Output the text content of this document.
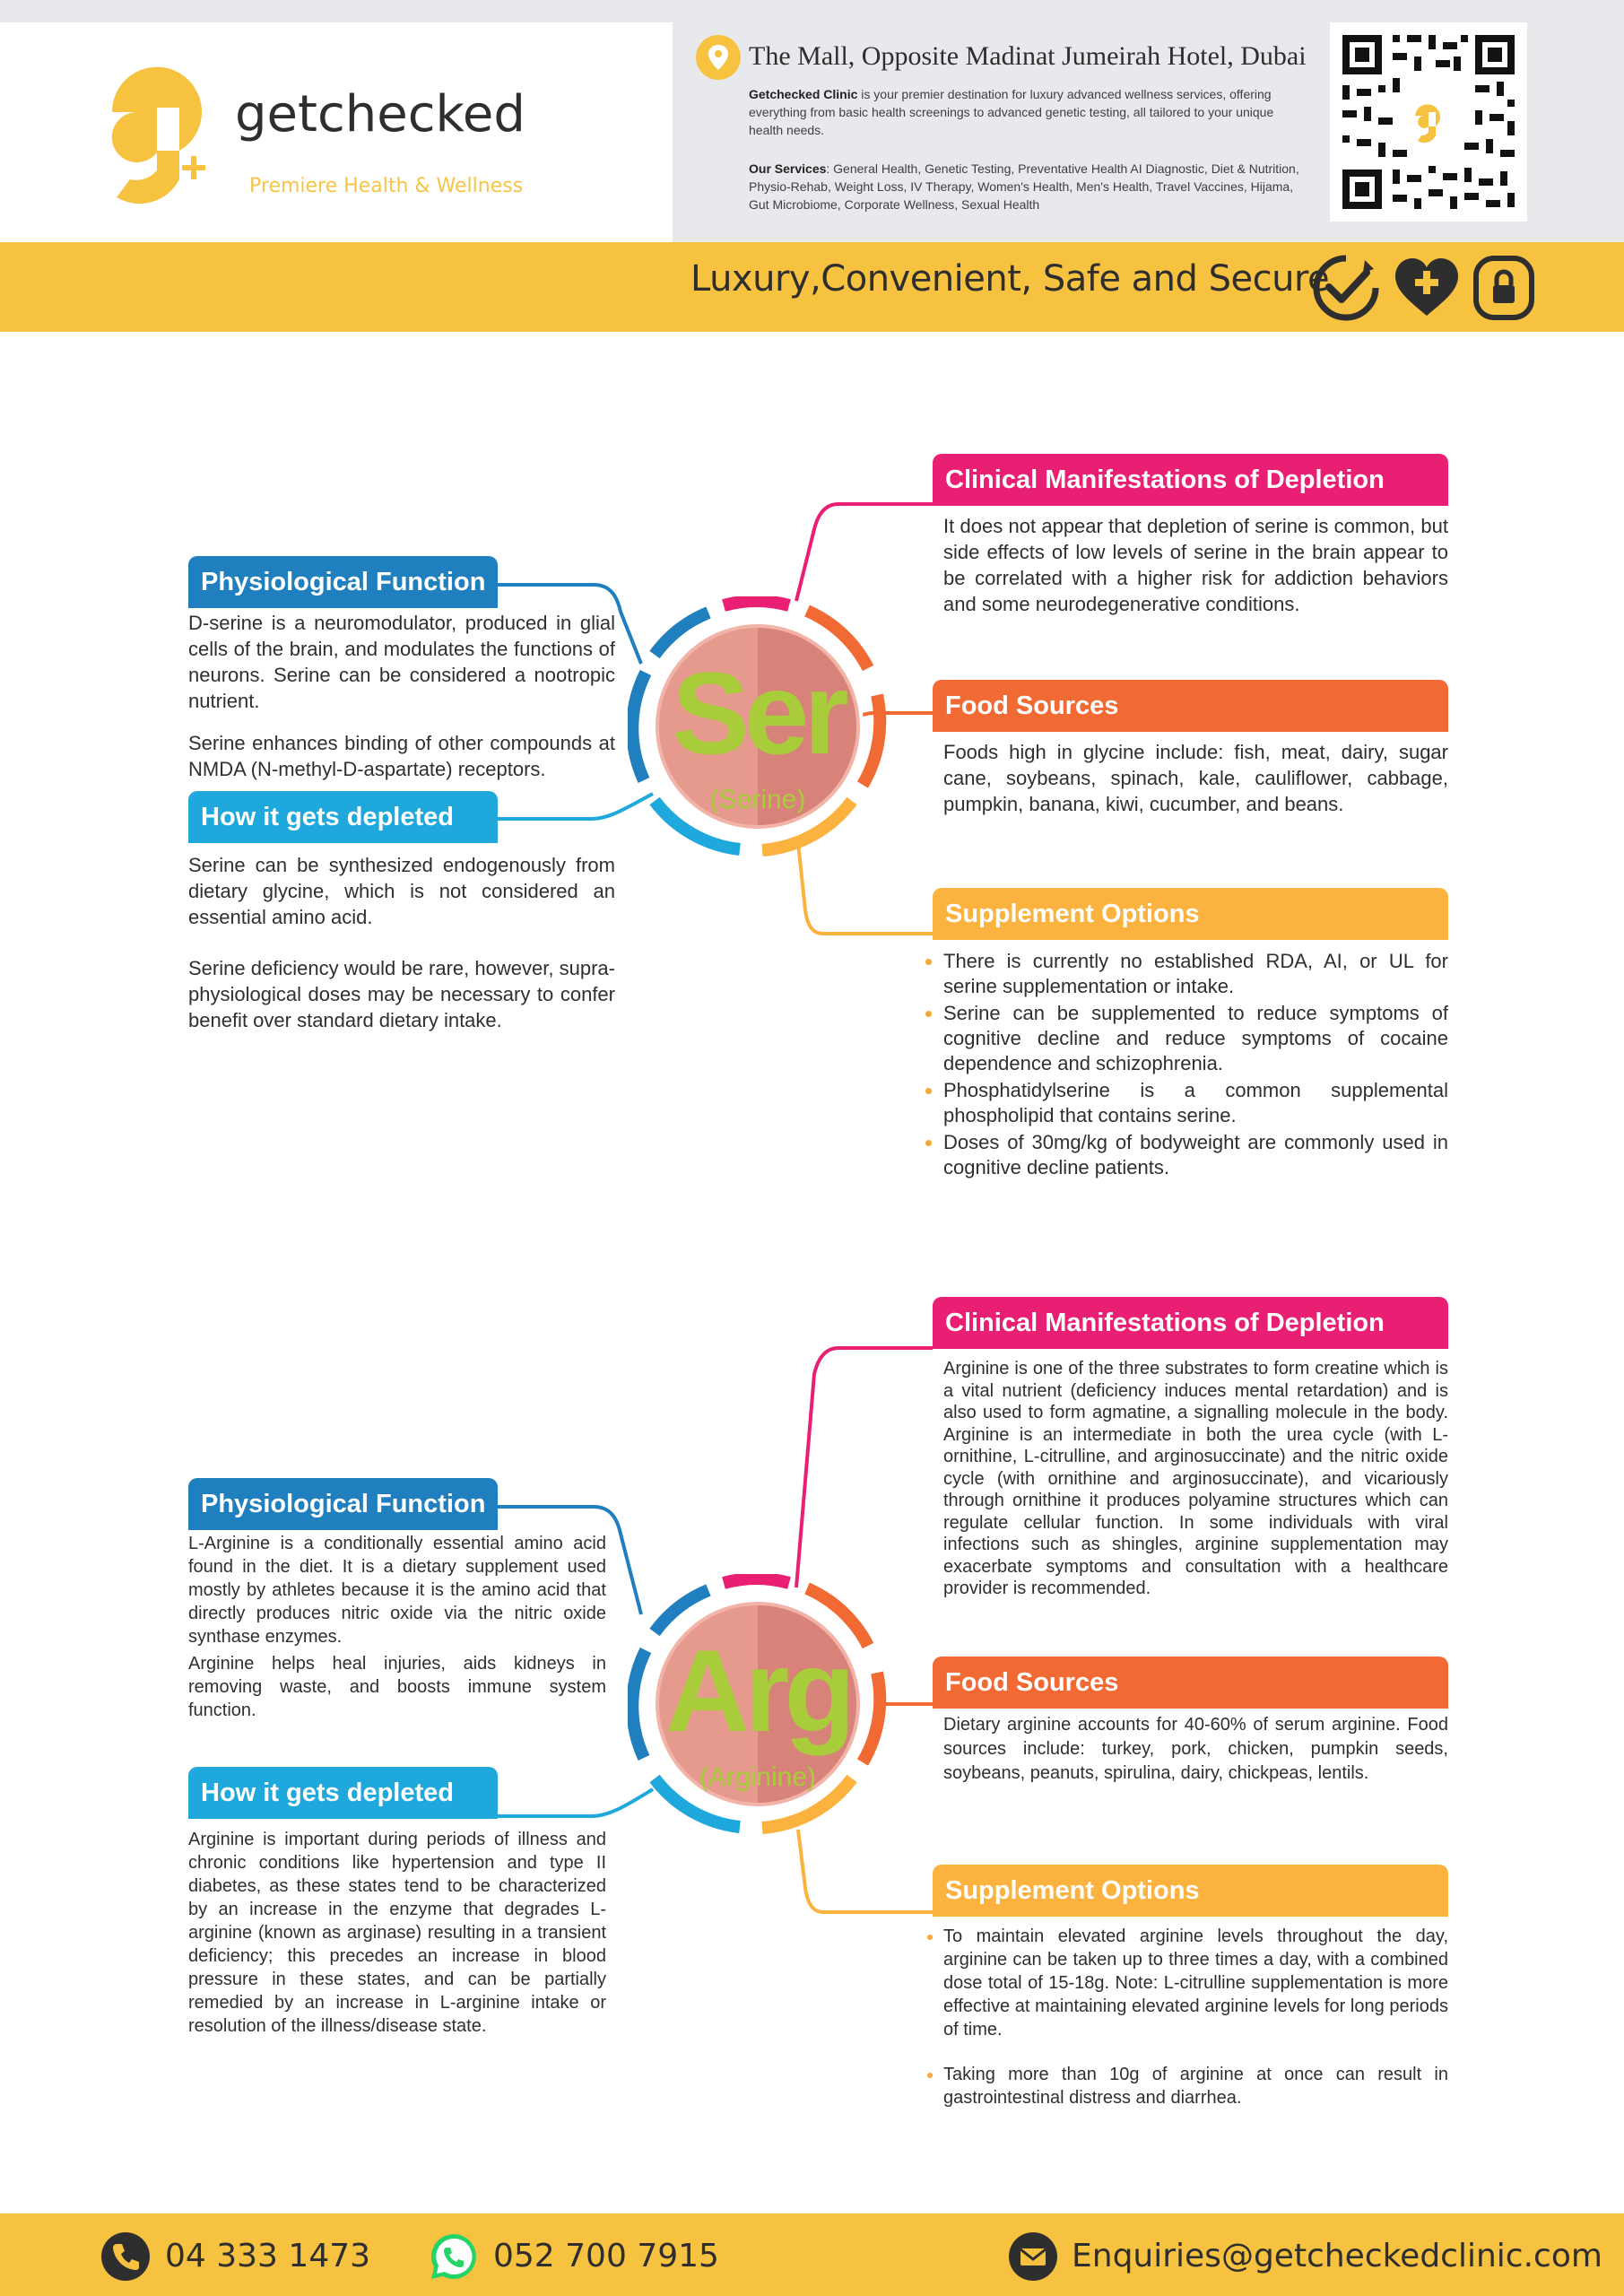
getchecked
Premiere Health & Wellness
The Mall, Opposite Madinat Jumeirah Hotel, Dubai
Getchecked Clinic is your premier destination for luxury advanced wellness services, offering everything from basic health screenings to advanced genetic testing, all tailored to your unique health needs.
Our Services: General Health, Genetic Testing, Preventative Health AI Diagnostic, Diet & Nutrition, Physio-Rehab, Weight Loss, IV Therapy, Women's Health, Men's Health, Travel Vaccines, Hijama, Gut Microbiome, Corporate Wellness, Sexual Health
Luxury,Convenient, Safe and Secure
Ser
(Serine)
Physiological Function

D-serine is a neuromodulator, produced in glial cells of the brain, and modulates the functions of neurons. Serine can be considered a nootropic nutrient.

Serine enhances binding of other compounds at NMDA (N-methyl-D-aspartate) receptors.

How it gets depleted

Serine can be synthesized endogenously from dietary glycine, which is not considered an essential amino acid.

Serine deficiency would be rare, however, supra-physiological doses may be necessary to confer benefit over standard dietary intake.

Clinical Manifestations of Depletion
It does not appear that depletion of serine is common, but side effects of low levels of serine in the brain appear to be correlated with a higher risk for addiction behaviors and some neurodegenerative conditions.
Food Sources
Foods high in glycine include: fish, meat, dairy, sugar cane, soybeans, spinach, kale, cauliflower, cabbage, pumpkin, banana, kiwi, cucumber, and beans.
Supplement Options
• There is currently no established RDA, AI, or UL for serine supplementation or intake.
• Serine can be supplemented to reduce symptoms of cognitive decline and reduce symptoms of cocaine dependence and schizophrenia.
• Phosphatidylserine is a common supplemental phospholipid that contains serine.
• Doses of 30mg/kg of bodyweight are commonly used in cognitive decline patients.
Arg
(Arginine)
Physiological Function

L-Arginine is a conditionally essential amino acid found in the diet. It is a dietary supplement used mostly by athletes because it is the amino acid that directly produces nitric oxide via the nitric oxide synthase enzymes.

Arginine helps heal injuries, aids kidneys in removing waste, and boosts immune system function.

How it gets depleted

Arginine is important during periods of illness and chronic conditions like hypertension and type II diabetes, as these states tend to be characterized by an increase in the enzyme that degrades L-arginine (known as arginase) resulting in a transient deficiency; this precedes an increase in blood pressure in these states, and can be partially remedied by an increase in L-arginine intake or resolution of the illness/disease state.

Clinical Manifestations of Depletion
Arginine is one of the three substrates to form creatine which is a vital nutrient (deficiency induces mental retardation) and is also used to form agmatine, a signalling molecule in the body. Arginine is an intermediate in both the urea cycle (with L-ornithine, L-citrulline, and arginosuccinate) and the nitric oxide cycle (with ornithine and arginosuccinate), and vicariously through ornithine it produces polyamine structures which can regulate cellular function. In some individuals with viral infections such as shingles, arginine supplementation may exacerbate symptoms and consultation with a healthcare provider is recommended.
Food Sources
Dietary arginine accounts for 40-60% of serum arginine. Food sources include: turkey, pork, chicken, pumpkin seeds, soybeans, peanuts, spirulina, dairy, chickpeas, lentils.
Supplement Options
• To maintain elevated arginine levels throughout the day, arginine can be taken up to three times a day, with a combined dose total of 15-18g. Note: L-citrulline supplementation is more effective at maintaining elevated arginine levels for long periods of time.
• Taking more than 10g of arginine at once can result in gastrointestinal distress and diarrhea.
04 333 1473	052 700 7915	Enquiries@getcheckedclinic.com
